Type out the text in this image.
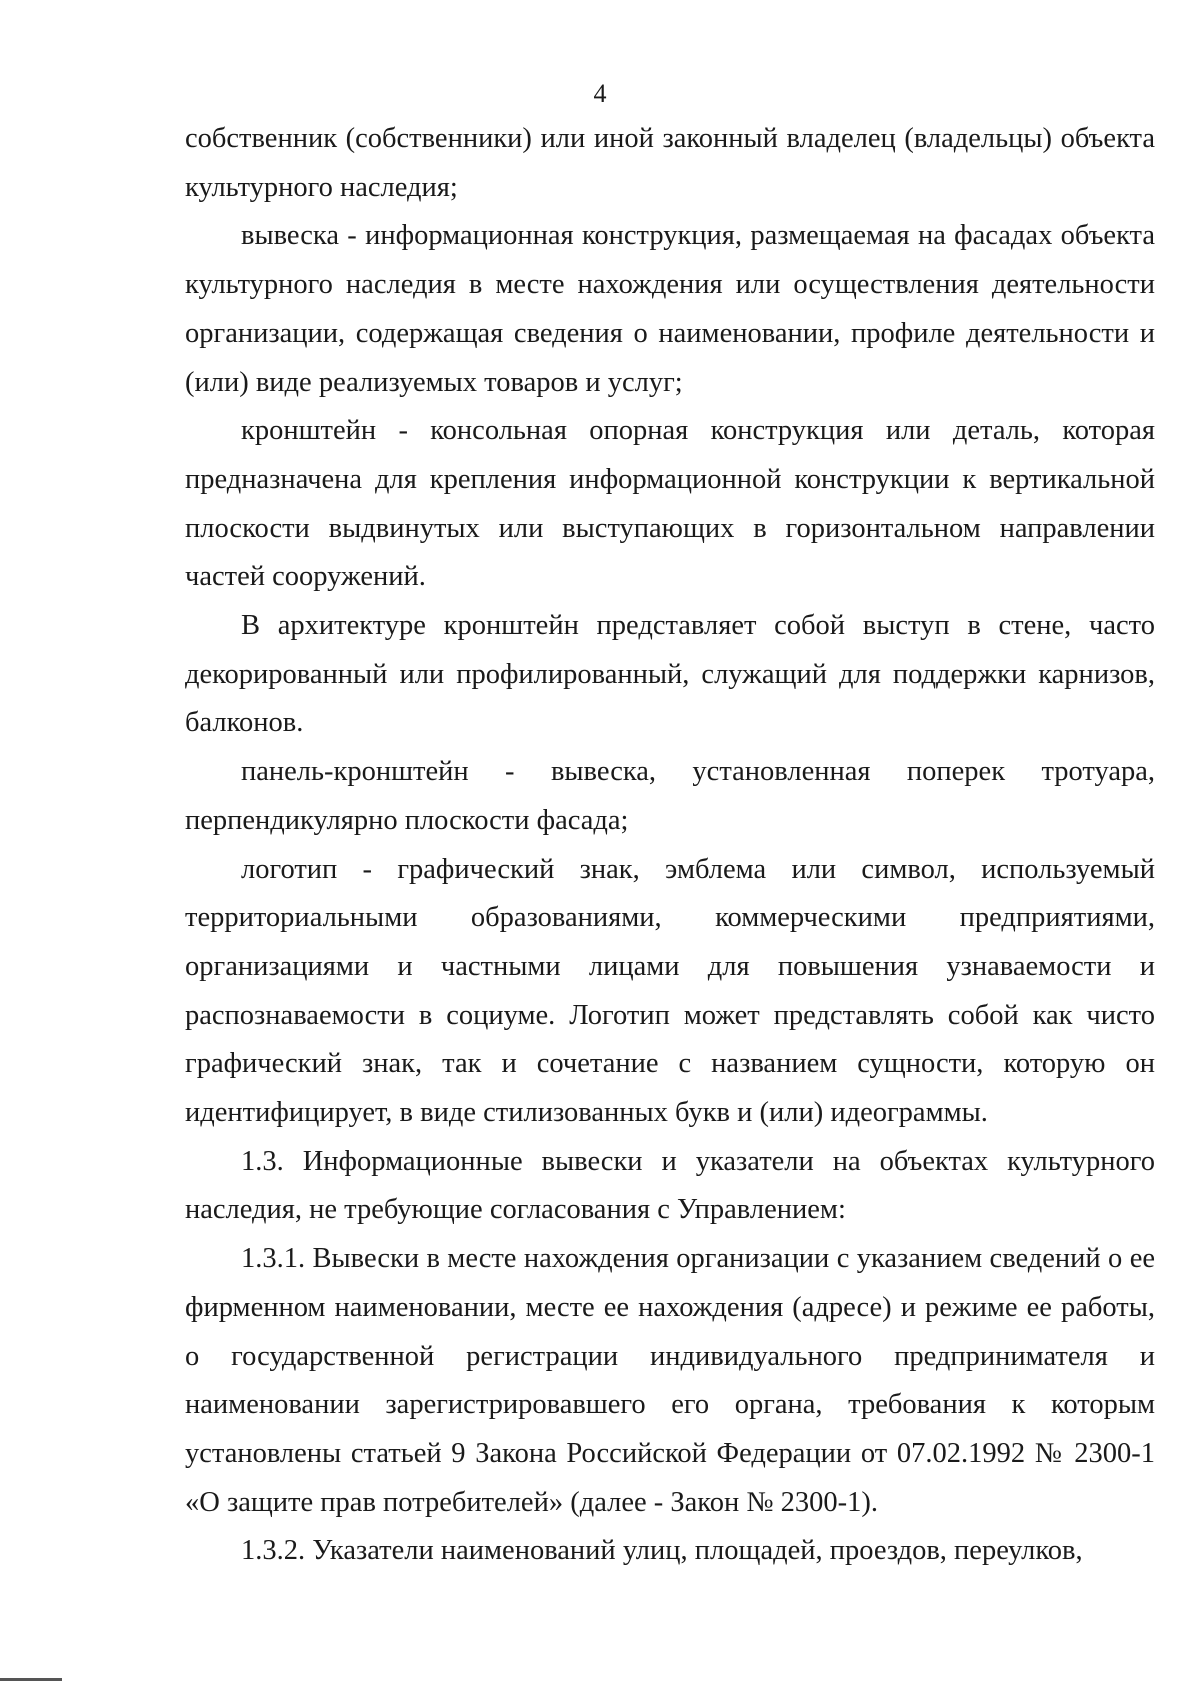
4

собственник (собственники) или иной законный владелец (владельцы) объекта культурного наследия;

вывеска - информационная конструкция, размещаемая на фасадах объекта культурного наследия в месте нахождения или осуществления деятельности организации, содержащая сведения о наименовании, профиле деятельности и (или) виде реализуемых товаров и услуг;

кронштейн - консольная опорная конструкция или деталь, которая предназначена для крепления информационной конструкции к вертикальной плоскости выдвинутых или выступающих в горизонтальном направлении частей сооружений.

В архитектуре кронштейн представляет собой выступ в стене, часто декорированный или профилированный, служащий для поддержки карнизов, балконов.

панель-кронштейн - вывеска, установленная поперек тротуара, перпендикулярно плоскости фасада;

логотип - графический знак, эмблема или символ, используемый территориальными образованиями, коммерческими предприятиями, организациями и частными лицами для повышения узнаваемости и распознаваемости в социуме. Логотип может представлять собой как чисто графический знак, так и сочетание с названием сущности, которую он идентифицирует, в виде стилизованных букв и (или) идеограммы.

1.3. Информационные вывески и указатели на объектах культурного наследия, не требующие согласования с Управлением:

1.3.1. Вывески в месте нахождения организации с указанием сведений о ее фирменном наименовании, месте ее нахождения (адресе) и режиме ее работы, о государственной регистрации индивидуального предпринимателя и наименовании зарегистрировавшего его органа, требования к которым установлены статьей 9 Закона Российской Федерации от 07.02.1992 № 2300-1 «О защите прав потребителей» (далее - Закон № 2300-1).

1.3.2. Указатели наименований улиц, площадей, проездов, переулков,
